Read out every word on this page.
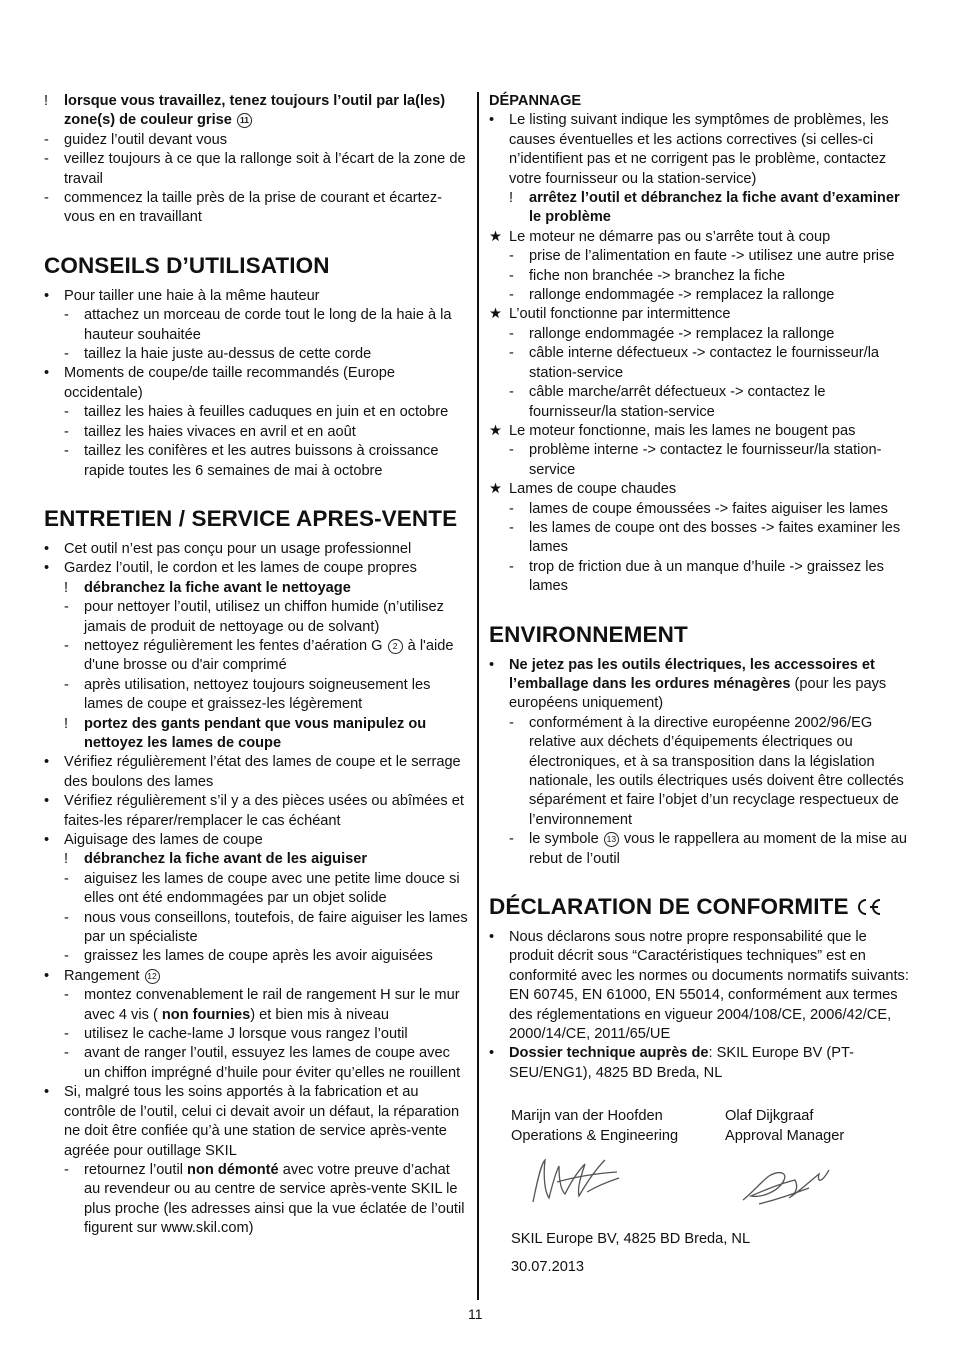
!	lorsque vous travaillez, tenez toujours l’outil par la(les) zone(s) de couleur grise 11
-	guidez l’outil devant vous
-	veillez toujours à ce que la rallonge soit à l’écart de la zone de travail
-	commencez la taille près de la prise de courant et écartez-vous en en travaillant
CONSEILS D’UTILISATION
•	Pour tailler une haie à la même hauteur
-	attachez un morceau de corde tout le long de la haie à la hauteur souhaitée
-	taillez la haie juste au-dessus de cette corde
•	Moments de coupe/de taille recommandés (Europe occidentale)
-	taillez les haies à feuilles caduques en juin et en octobre
-	taillez les haies vivaces en avril et en août
-	taillez les conifères et les autres buissons à croissance rapide toutes les 6 semaines de mai à octobre
ENTRETIEN / SERVICE APRES-VENTE
•	Cet outil n’est pas conçu pour un usage professionnel
•	Gardez l’outil, le cordon et les lames de coupe propres
!	débranchez la fiche avant le nettoyage
-	pour nettoyer l’outil, utilisez un chiffon humide (n’utilisez jamais de produit de nettoyage ou de solvant)
-	nettoyez régulièrement les fentes d’aération G 2 à l'aide d'une brosse ou d'air comprimé
-	après utilisation, nettoyez toujours soigneusement les lames de coupe et graissez-les légèrement
!	portez des gants pendant que vous manipulez ou nettoyez les lames de coupe
•	Vérifiez régulièrement l’état des lames de coupe et le serrage des boulons des lames
•	Vérifiez régulièrement s’il y a des pièces usées ou abîmées et faites-les réparer/remplacer le cas échéant
•	Aiguisage des lames de coupe
!	débranchez la fiche avant de les aiguiser
-	aiguisez les lames de coupe avec une petite lime douce si elles ont été endommagées par un objet solide
-	nous vous conseillons, toutefois, de faire aiguiser les lames par un spécialiste
-	graissez les lames de coupe après les avoir aiguisées
•	Rangement 12
-	montez convenablement le rail de rangement H sur le mur avec 4 vis ( non fournies) et bien mis à niveau
-	utilisez le cache-lame J lorsque vous rangez l’outil
-	avant de ranger l’outil, essuyez les lames de coupe avec un chiffon imprégné d’huile pour éviter qu’elles ne rouillent
•	Si, malgré tous les soins apportés à la fabrication et au contrôle de l’outil, celui ci devait avoir un défaut, la réparation ne doit être confiée qu’à une station de service après-vente agréée pour outillage SKIL
-	retournez l’outil non démonté avec votre preuve d’achat au revendeur ou au centre de service après-vente SKIL le plus proche (les adresses ainsi que la vue éclatée de l’outil figurent sur www.skil.com)
DÉPANNAGE
•	Le listing suivant indique les symptômes de problèmes, les causes éventuelles et les actions correctives (si celles-ci n’identifient pas et ne corrigent pas le problème, contactez votre fournisseur ou la station-service)
!	arrêtez l’outil et débranchez la fiche avant d’examiner le problème
★ Le moteur ne démarre pas ou s’arrête tout à coup
-	prise de l’alimentation en faute -> utilisez une autre prise
-	fiche non branchée -> branchez la fiche
-	rallonge endommagée -> remplacez la rallonge
★ L’outil fonctionne par intermittence
-	rallonge endommagée -> remplacez la rallonge
-	câble interne défectueux -> contactez le fournisseur/la station-service
-	câble marche/arrêt défectueux -> contactez le fournisseur/la station-service
★ Le moteur fonctionne, mais les lames ne bougent pas
-	problème interne -> contactez le fournisseur/la station-service
★ Lames de coupe chaudes
-	lames de coupe émoussées -> faites aiguiser les lames
-	les lames de coupe ont des bosses -> faites examiner les lames
-	trop de friction due à un manque d’huile -> graissez les lames
ENVIRONNEMENT
•	Ne jetez pas les outils électriques, les accessoires et l’emballage dans les ordures ménagères (pour les pays européens uniquement)
-	conformément à la directive européenne 2002/96/EG relative aux déchets d’équipements électriques ou électroniques, et à sa transposition dans la législation nationale, les outils électriques usés doivent être collectés séparément et faire l’objet d’un recyclage respectueux de l’environnement
-	le symbole 13 vous le rappellera au moment de la mise au rebut de l’outil
DÉCLARATION DE CONFORMITE
•	Nous déclarons sous notre propre responsabilité que le produit décrit sous “Caractéristiques techniques” est en conformité avec les normes ou documents normatifs suivants: EN 60745, EN 61000, EN 55014, conformément aux termes des réglementations en vigueur 2004/108/CE, 2006/42/CE, 2000/14/CE, 2011/65/UE
•	Dossier technique auprès de: SKIL Europe BV (PT-SEU/ENG1), 4825 BD Breda, NL
Marijn van der Hoofden
Operations & Engineering
Olaf Dijkgraaf
Approval Manager
SKIL Europe BV, 4825 BD Breda, NL
30.07.2013
11
